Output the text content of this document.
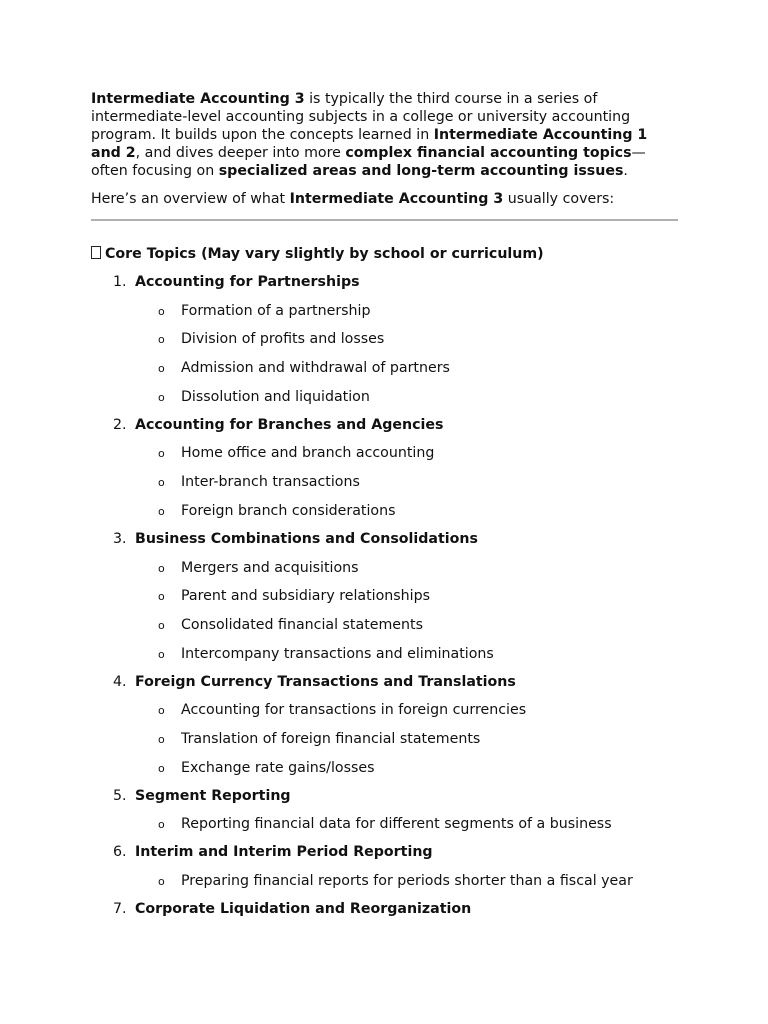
Intermediate Accounting 3 is typically the third course in a series of intermediate-level accounting subjects in a college or university accounting program. It builds upon the concepts learned in Intermediate Accounting 1 and 2, and dives deeper into more complex financial accounting topics—often focusing on specialized areas and long-term accounting issues.

Here’s an overview of what Intermediate Accounting 3 usually covers:

Core Topics (May vary slightly by school or curriculum)
1. Accounting for Partnerships
o Formation of a partnership
o Division of profits and losses
o Admission and withdrawal of partners
o Dissolution and liquidation
2. Accounting for Branches and Agencies
o Home office and branch accounting
o Inter-branch transactions
o Foreign branch considerations
3. Business Combinations and Consolidations
o Mergers and acquisitions
o Parent and subsidiary relationships
o Consolidated financial statements
o Intercompany transactions and eliminations
4. Foreign Currency Transactions and Translations
o Accounting for transactions in foreign currencies
o Translation of foreign financial statements
o Exchange rate gains/losses
5. Segment Reporting
o Reporting financial data for different segments of a business
6. Interim and Interim Period Reporting
o Preparing financial reports for periods shorter than a fiscal year
7. Corporate Liquidation and Reorganization
